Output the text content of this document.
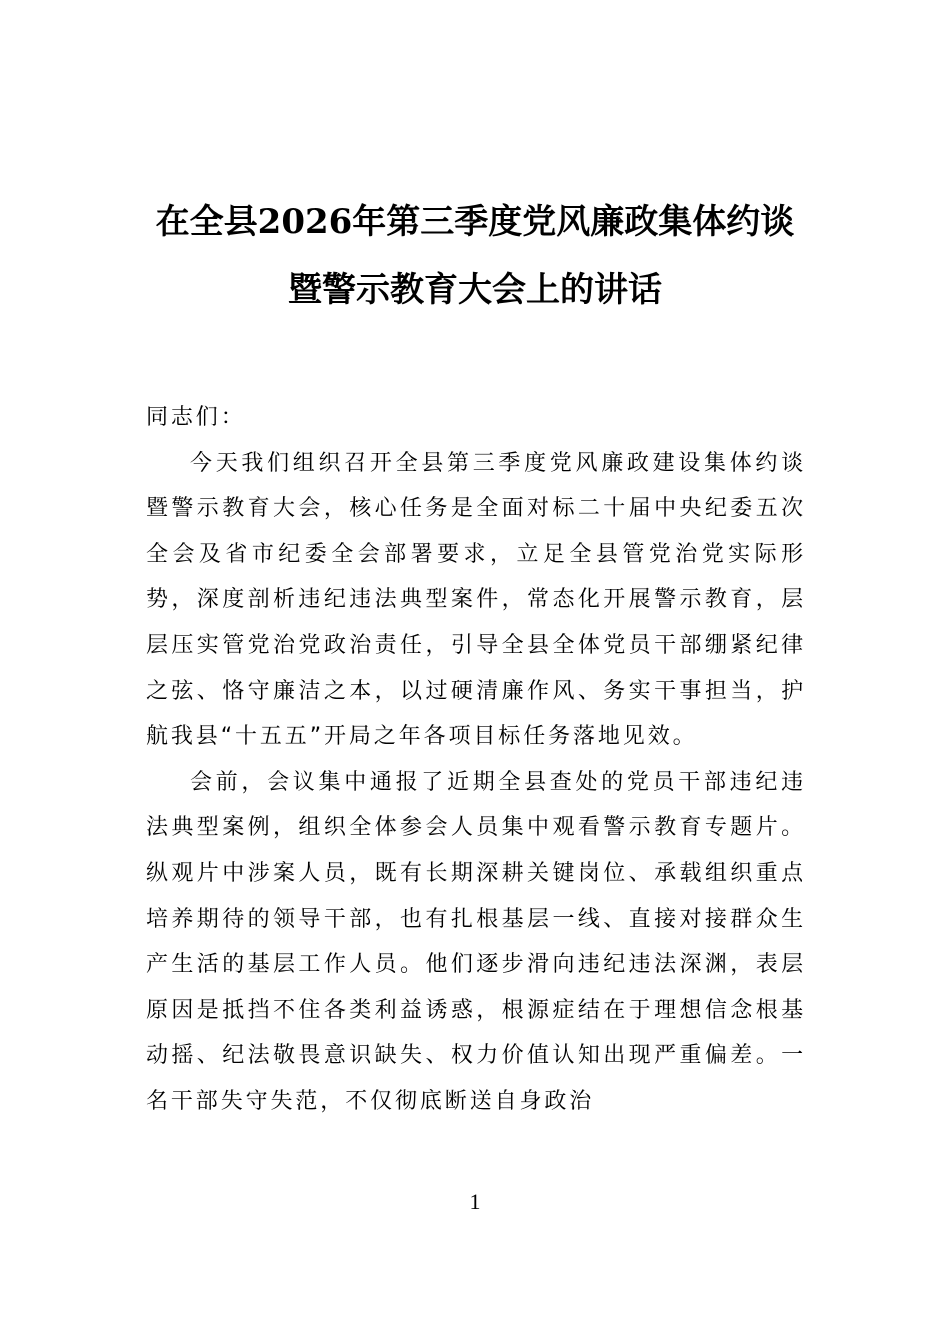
在全县2026年第三季度党风廉政集体约谈
暨警示教育大会上的讲话

同志们：

今天我们组织召开全县第三季度党风廉政建设集体约谈暨警示教育大会，核心任务是全面对标二十届中央纪委五次全会及省市纪委全会部署要求，立足全县管党治党实际形势，深度剖析违纪违法典型案件，常态化开展警示教育，层层压实管党治党政治责任，引导全县全体党员干部绷紧纪律之弦、恪守廉洁之本，以过硬清廉作风、务实干事担当，护航我县“十五五”开局之年各项目标任务落地见效。

会前，会议集中通报了近期全县查处的党员干部违纪违法典型案例，组织全体参会人员集中观看警示教育专题片。纵观片中涉案人员，既有长期深耕关键岗位、承载组织重点培养期待的领导干部，也有扎根基层一线、直接对接群众生产生活的基层工作人员。他们逐步滑向违纪违法深渊，表层原因是抵挡不住各类利益诱惑，根源症结在于理想信念根基动摇、纪法敬畏意识缺失、权力价值认知出现严重偏差。一名干部失守失范，不仅彻底断送自身政治

1
